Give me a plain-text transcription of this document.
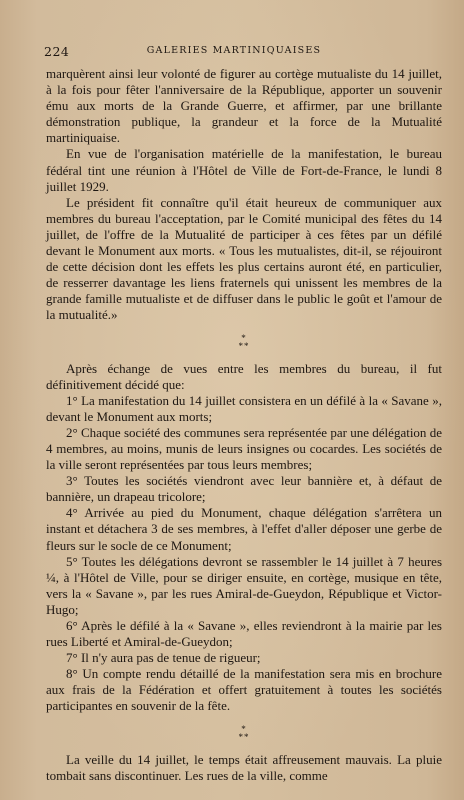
224	GALERIES MARTINIQUAISES

marquèrent ainsi leur volonté de figurer au cortège mutualiste du 14 juillet, à la fois pour fêter l'anniversaire de la République, apporter un souvenir ému aux morts de la Grande Guerre, et affirmer, par une brillante démonstration publique, la grandeur et la force de la Mutualité martiniquaise.

En vue de l'organisation matérielle de la manifestation, le bureau fédéral tint une réunion à l'Hôtel de Ville de Fort-de-France, le lundi 8 juillet 1929.

Le président fit connaître qu'il était heureux de communiquer aux membres du bureau l'acceptation, par le Comité municipal des fêtes du 14 juillet, de l'offre de la Mutualité de participer à ces fêtes par un défilé devant le Monument aux morts. « Tous les mutualistes, dit-il, se réjouiront de cette décision dont les effets les plus certains auront été, en particulier, de resserrer davantage les liens fraternels qui unissent les membres de la grande famille mutualiste et de diffuser dans le public le goût et l'amour de la mutualité.»

*
**

Après échange de vues entre les membres du bureau, il fut définitivement décidé que:

1° La manifestation du 14 juillet consistera en un défilé à la « Savane », devant le Monument aux morts;

2° Chaque société des communes sera représentée par une délégation de 4 membres, au moins, munis de leurs insignes ou cocardes. Les sociétés de la ville seront représentées par tous leurs membres;

3° Toutes les sociétés viendront avec leur bannière et, à défaut de bannière, un drapeau tricolore;

4° Arrivée au pied du Monument, chaque délégation s'arrêtera un instant et détachera 3 de ses membres, à l'effet d'aller déposer une gerbe de fleurs sur le socle de ce Monument;

5° Toutes les délégations devront se rassembler le 14 juillet à 7 heures ¼, à l'Hôtel de Ville, pour se diriger ensuite, en cortège, musique en tête, vers la « Savane », par les rues Amiral-de-Gueydon, République et Victor-Hugo;

6° Après le défilé à la « Savane », elles reviendront à la mairie par les rues Liberté et Amiral-de-Gueydon;

7° Il n'y aura pas de tenue de rigueur;

8° Un compte rendu détaillé de la manifestation sera mis en brochure aux frais de la Fédération et offert gratuitement à toutes les sociétés participantes en souvenir de la fête.

*
**

La veille du 14 juillet, le temps était affreusement mauvais. La pluie tombait sans discontinuer. Les rues de la ville, comme
